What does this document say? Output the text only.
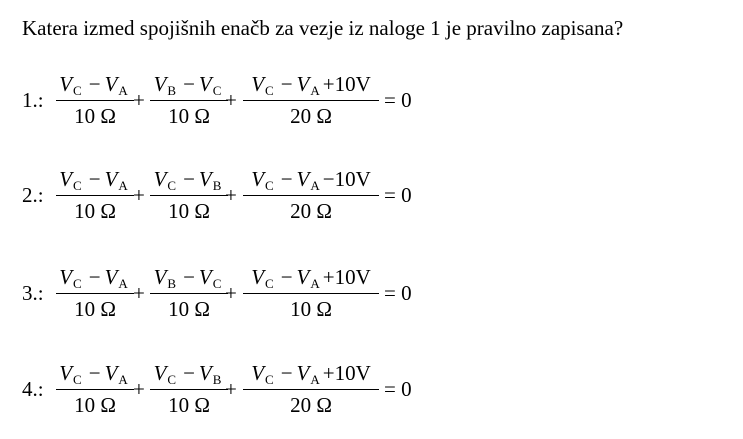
Katera izmed spojišnih enačb za vezje iz naloge 1 je pravilno zapisana?
1.:
VC − VA
10 Ω
+
VB − VC
10 Ω
+
VC − VA +10V
20 Ω
= 0
2.:
VC − VA
10 Ω
+
VC − VB
10 Ω
+
VC − VA −10V
20 Ω
= 0
3.:
VC − VA
10 Ω
+
VB − VC
10 Ω
+
VC − VA +10V
10 Ω
= 0
4.:
VC − VA
10 Ω
+
VC − VB
10 Ω
+
VC − VA +10V
20 Ω
= 0
